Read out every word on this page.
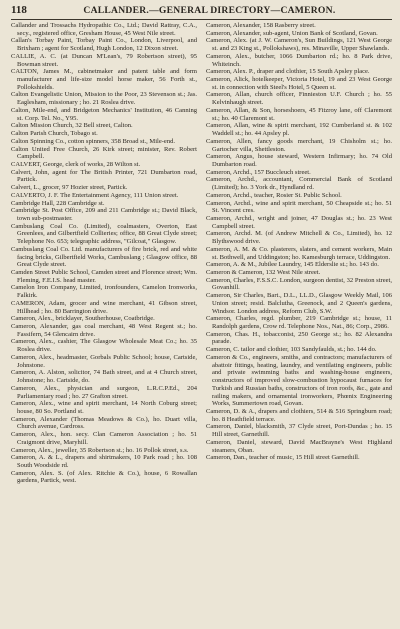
118	CALLANDER.—GENERAL DIRECTORY—CAMERON.

Callander and Trossachs Hydropathic Co., Ltd.; David Rattray, C.A., secy., registered office, Gresham House, 45 West Nile street.

Callan's Torbay Paint, Torbay Paint Co., London, Liverpool, and Brixham ; agent for Scotland, Hugh London, 12 Dixon street.

CALLIE, A. C. (at Duncan M'Lean's, 79 Robertson street), 95 Bowman street.

CALTON, James M., cabinetmaker and patent table and form manufacturer and life-size model horse maker, 56 Forth st., Pollokshields.

Calton Evangelistic Union, Mission to the Poor, 23 Stevenson st.; Jas. Eaglesham, missionary ; ho. 21 Roslea drive.

Calton, Mile-end, and Bridgeton Mechanics' Institution, 46 Canning st. Corp. Tel. No., Y95.

Calton Mission Church, 32 Bell street, Calton.

Calton Parish Church, Tobago st.

Calton Spinning Co., cotton spinners, 358 Broad st., Mile-end.

Calton United Free Church, 26 Kirk street; minister, Rev. Robert Campbell.

CALVERT, George, clerk of works, 28 Wilton st.

Calvert, John, agent for The British Printer, 721 Dumbarton road, Partick.

Calvert, L., grocer, 97 Hozier street, Partick.

CALVERTO, J. F. The Entertainment Agency, 111 Union street.

Cambridge Hall, 228 Cambridge st.

Cambridge St. Post Office, 209 and 211 Cambridge st.; David Black, town sub-postmaster.

Cambuslang Coal Co. (Limited), coalmasters, Overton, East Greenlees, and Gilbertfield Collieries; office, 88 Great Clyde street; Telephone No. 653; telegraphic address, "Gilcoat," Glasgow.

Cambuslang Coal Co. Ltd. manufacturers of fire brick, red and white facing bricks, Gilbertfield Works, Cambuslang ; Glasgow office, 88 Great Clyde street.

Camden Street Public School, Camden street and Florence street; Wm. Fleming, F.E.I.S. head master.

Camelon Iron Company, Limited, ironfounders, Camelon Ironworks, Falkirk.

CAMERON, Adam, grocer and wine merchant, 41 Gibson street, Hillhead ; ho. 80 Barrington drive.

Cameron, Alex., bricklayer, Southerhouse, Coatbridge.

Cameron, Alexander, gas coal merchant, 48 West Regent st.; ho. Fassifern, 54 Glencairn drive.

Cameron, Alex., cashier, The Glasgow Wholesale Meat Co.; ho. 35 Roslea drive.

Cameron, Alex., headmaster, Gorbals Public School; house, Cartside, Johnstone.

Cameron, A. Alston, solicitor, 74 Bath street, and at 4 Church street, Johnstone; ho. Cartside, do.

Cameron, Alex., physician and surgeon, L.R.C.P.Ed., 204 Parliamentary road ; ho. 27 Grafton street.

Cameron, Alex., wine and spirit merchant, 14 North Coburg street; house, 80 So. Portland st.

Cameron, Alexander (Thomas Meadows & Co.), ho. Duart villa, Church avenue, Cardross.

Cameron, Alex., hon. secy. Clan Cameron Association ; ho. 51 Craigmont drive, Maryhill.

Cameron, Alex., jeweller, 35 Robertson st.; ho. 16 Pollok street, s.s.

Cameron, A. & L., drapers and shirtmakers, 10 Park road ; ho. 108 South Woodside rd.

Cameron, Alex. S. (of Alex. Ritchie & Co.), house, 6 Rowallan gardens, Partick, west.

Cameron, Alexander, 158 Rasberry street.

Cameron, Alexander, sub-agent, Union Bank of Scotland, Govan.

Cameron, Alex. (at J. W. Cameron's, Sun Buildings, 121 West George st. and 23 King st., Pollokshaws), res. Minaville, Upper Shawlands.

Cameron, Alex., butcher, 1066 Dumbarton rd.; ho. 8 Park drive, Whiteinch.

Cameron, Alex. P., draper and clothier, 15 South Apsley place.

Cameron, Alick, hotelkeeper, Victoria Hotel, 19 and 23 West George st. in connection with Steel's Hotel, 5 Queen st.

Cameron, Allan, church officer, Finnieston U.F. Church ; ho. 55 Kelvinhaugh street.

Cameron, Allan, & Son, horseshoers, 45 Fitzroy lane, off Claremont st.; ho. 40 Claremont st.

Cameron, Allan, wine & spirit merchant, 192 Cumberland st. & 102 Waddell st.; ho. 44 Apsley pl.

Cameron, Allen, fancy goods merchant, 19 Chisholm st.; ho. Gartocher villa, Shettleston.

Cameron, Angus, house steward, Western Infirmary; ho. 74 Old Dumbarton road.

Cameron, Archd., 157 Buccleuch street.

Cameron, Archd., accountant, Commercial Bank of Scotland (Limited); ho. 3 York dr., Hyndland rd.

Cameron, Archd., teacher, Rosier St. Public School.

Cameron, Archd., wine and spirit merchant, 50 Cheapside st.; ho. 51 St. Vincent cres.

Cameron, Archd., wright and joiner, 47 Douglas st.; ho. 23 West Campbell street.

Cameron, Archd. M. (of Andrew Mitchell & Co., Limited), ho. 12 Blythswood drive.

Cameron, A. M. & Co. plasterers, slaters, and cement workers, Main st. Bothwell, and Uddingston; ho. Kamesburgh terrace, Uddingston.

Cameron, A. & M., Jubilee Laundry, 145 Elderslie st.; ho. 143 do.

Cameron & Cameron, 132 West Nile street.

Cameron, Charles, F.S.S.C. London, surgeon dentist, 32 Preston street, Govanhill.

Cameron, Sir Charles, Bart., D.L., LL.D., Glasgow Weekly Mail, 106 Union street; resid. Balclutha, Greenock, and 2 Queen's gardens, Windsor. London address, Reform Club, S.W.

Cameron, Charles, regd. plumber, 219 Cambridge st.; house, 11 Randolph gardens, Crow rd. Telephone Nos., Nat., 86; Corp., 2986.

Cameron, Chas. H., tobacconist, 250 George st.; ho. 82 Alexandra parade.

Cameron, C. tailor and clothier, 103 Sandyfaulds, st.; ho. 144 do.

Cameron & Co., engineers, smiths, and contractors; manufacturers of abattoir fittings, heating, laundry, and ventilating engineers, public and private swimming baths and washing-house engineers, constructors of improved slow-combustion hypocaust furnaces for Turkish and Russian baths, constructors of iron roofs, &c., gate and railing makers, and ornamental ironworkers, Phœnix Engineering Works, Summertown road, Govan.

Cameron, D. & A., drapers and clothiers, 514 & 516 Springburn road; ho. 8 Heathfield terrace.

Cameron, Daniel, blacksmith, 37 Clyde street, Port-Dundas ; ho. 15 Hill street, Garnethill.

Cameron, Daniel, steward, David MacBrayne's West Highland steamers, Oban.

Cameron, Dan., teacher of music, 15 Hill street Garnethill.
